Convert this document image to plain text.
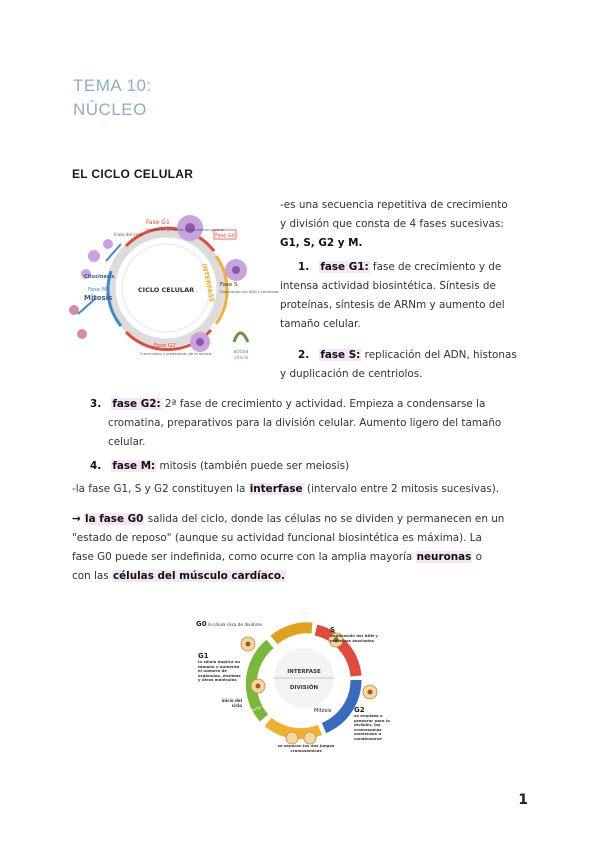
TEMA 10:
NÚCLEO
EL CICLO CELULAR
Fase G0
Fase G1
Síntesis de proteínas y crecimiento general
Inicio del ciclo
CICLO CELULAR INTERFASE Fase S
Duplicación del ADN y centriolos
Fase G2
Crecimiento y preparación de la mitosis
Fase M
Mitosis
Citocinesis
activa
ciencia
-es una secuencia repetitiva de crecimiento
y división que consta de 4 fases sucesivas:
G1, S, G2 y M.
1. fase G1: fase de crecimiento y de
intensa actividad biosintética. Síntesis de
proteínas, síntesis de ARNm y aumento del
tamaño celular.
2. fase S: replicación del ADN, histonas
y duplicación de centriolos.
3. fase G2: 2ª fase de crecimiento y actividad. Empieza a condensarse la
cromatina, preparativos para la división celular. Aumento ligero del tamaño
celular.
4. fase M: mitosis (también puede ser meiosis)
-la fase G1, S y G2 constituyen la interfase (intervalo entre 2 mitosis sucesivas).
→ la fase G0 salida del ciclo, donde las células no se dividen y permanecen en un
"estado de reposo" (aunque su actividad funcional biosintética es máxima). La
fase G0 puede ser indefinida, como ocurre con la amplia mayoría neuronas o
con las células del músculo cardíaco.
INTERFASE
DIVISIÓN
Mitosis
fase S
Punto de control
G0 la célula cesa de dividirse
G1
la célula duplica su tamaño y aumenta el número de orgánulos, enzimas y otras moléculas
inicio del ciclo
S
duplicación del ADN y proteínas asociadas
G2
se empieza a preparar para la división, los cromosomas comienzan a condensarse
se separan los dos juegos cromosómicos
1
